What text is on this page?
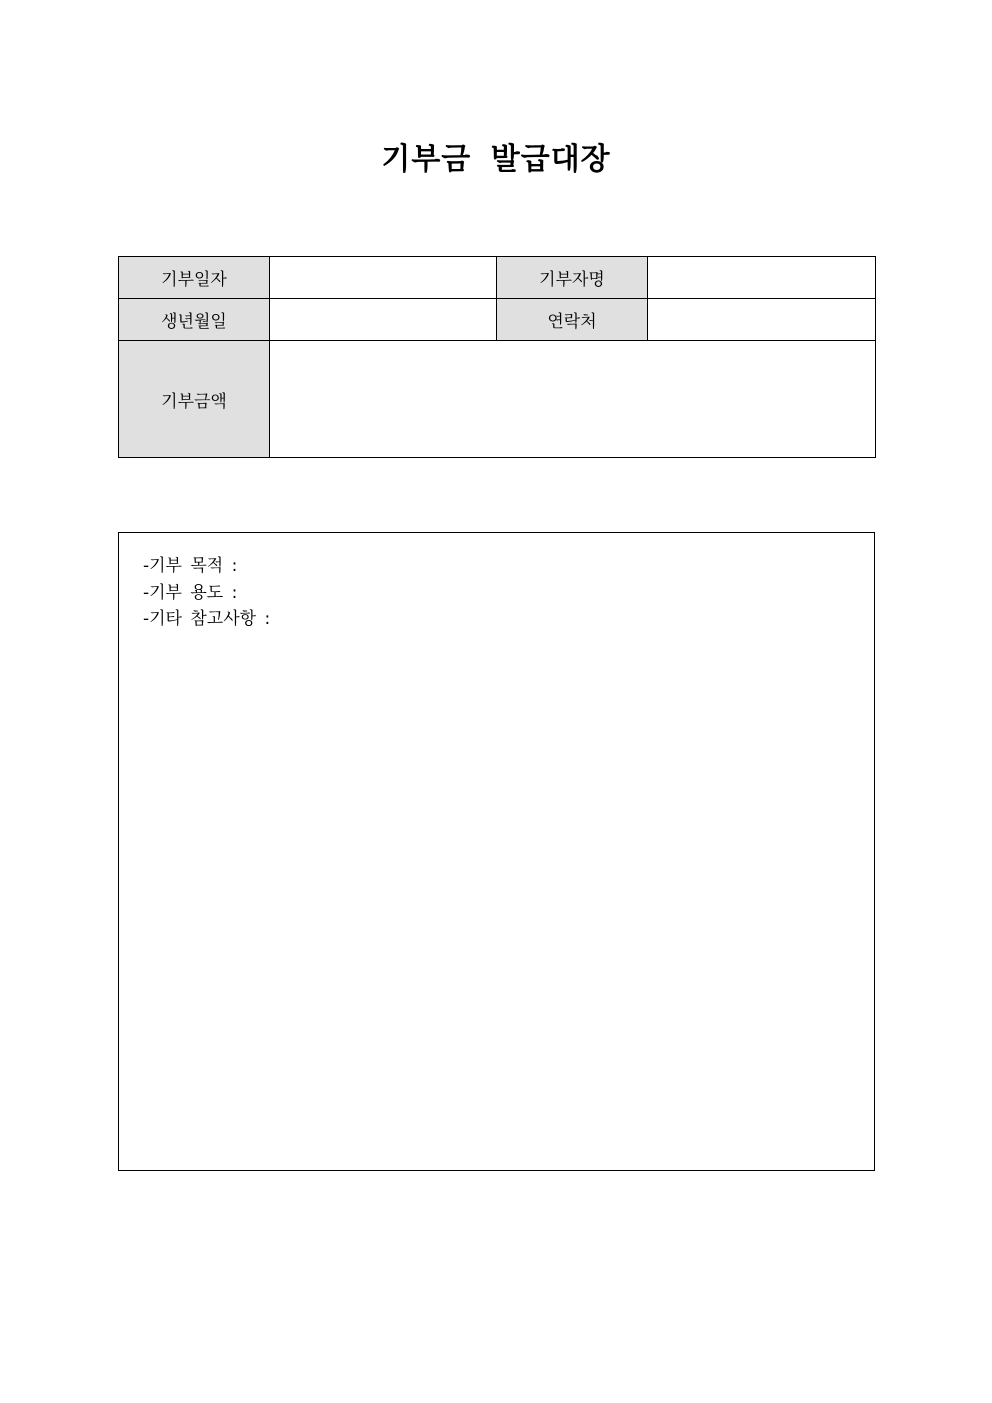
기부금 발급대장
기부일자		기부자명	
생년월일		연락처	
기부금액			
-기부 목적 :
-기부 용도 :
-기타 참고사항 :
